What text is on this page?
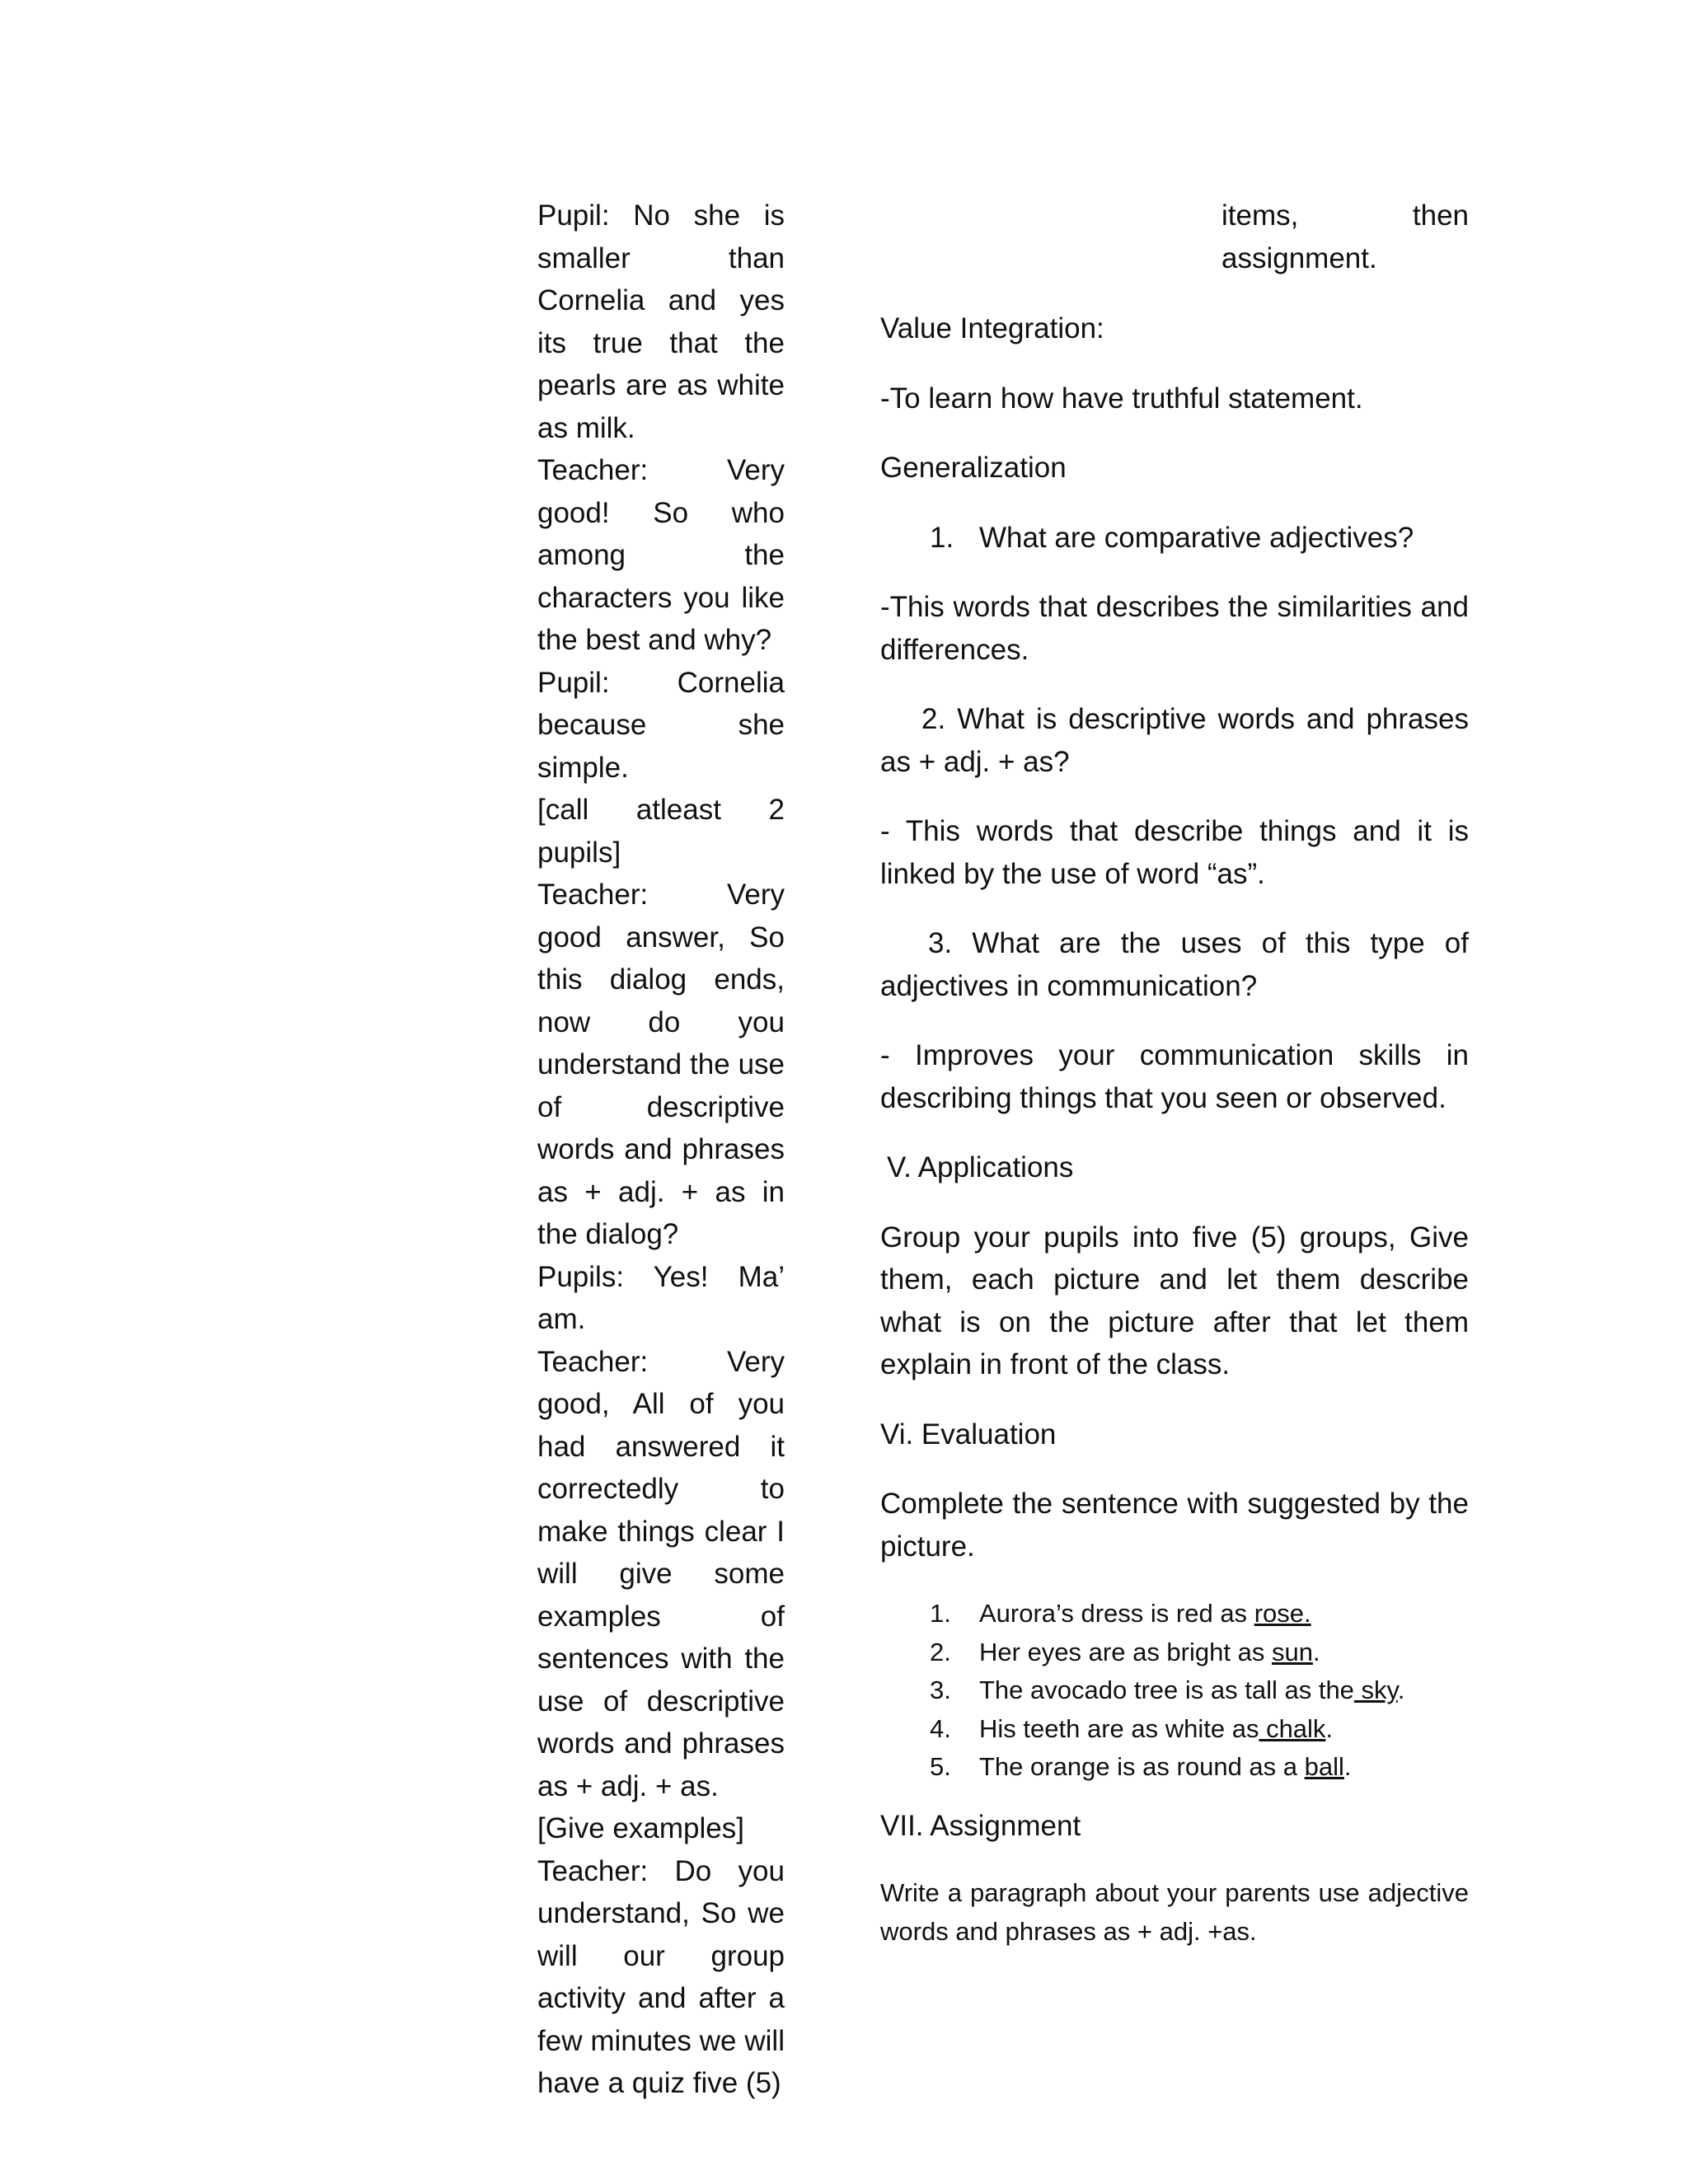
Pupil: No she is smaller than Cornelia and yes its true that the pearls are as white as milk.

Teacher: Very good! So who among the characters you like the best and why?

Pupil: Cornelia because she simple.

[call atleast 2 pupils]

Teacher: Very good answer, So this dialog ends, now do you understand the use of descriptive words and phrases as + adj. + as in the dialog?

Pupils: Yes! Ma’ am.

Teacher: Very good, All of you had answered it correctedly to make things clear I will give some examples of sentences with the use of descriptive words and phrases as + adj. + as.

[Give examples]

Teacher: Do you understand, So we will our group activity and after a few minutes we will have a quiz five (5)

items,	then

assignment.

Value Integration:

-To learn how have truthful statement.

Generalization

1. What are comparative adjectives?

-This words that describes the similarities and differences.

2. What is descriptive words and phrases as + adj. + as?

- This words that describe things and it is linked by the use of word “as”.

3. What are the uses of this type of adjectives in communication?

- Improves your communication skills in describing things that you seen or observed.

V. Applications

Group your pupils into five (5) groups, Give them, each picture and let them describe what is on the picture after that let them explain in front of the class.

Vi. Evaluation

Complete the sentence with suggested by the picture.

1.	Aurora’s dress is red as rose.
2.	Her eyes are as bright as sun.
3.	The avocado tree is as tall as the sky.
4.	His teeth are as white as chalk.
5.	The orange is as round as a ball.

VII. Assignment

Write a paragraph about your parents use adjective words and phrases as + adj. +as.
